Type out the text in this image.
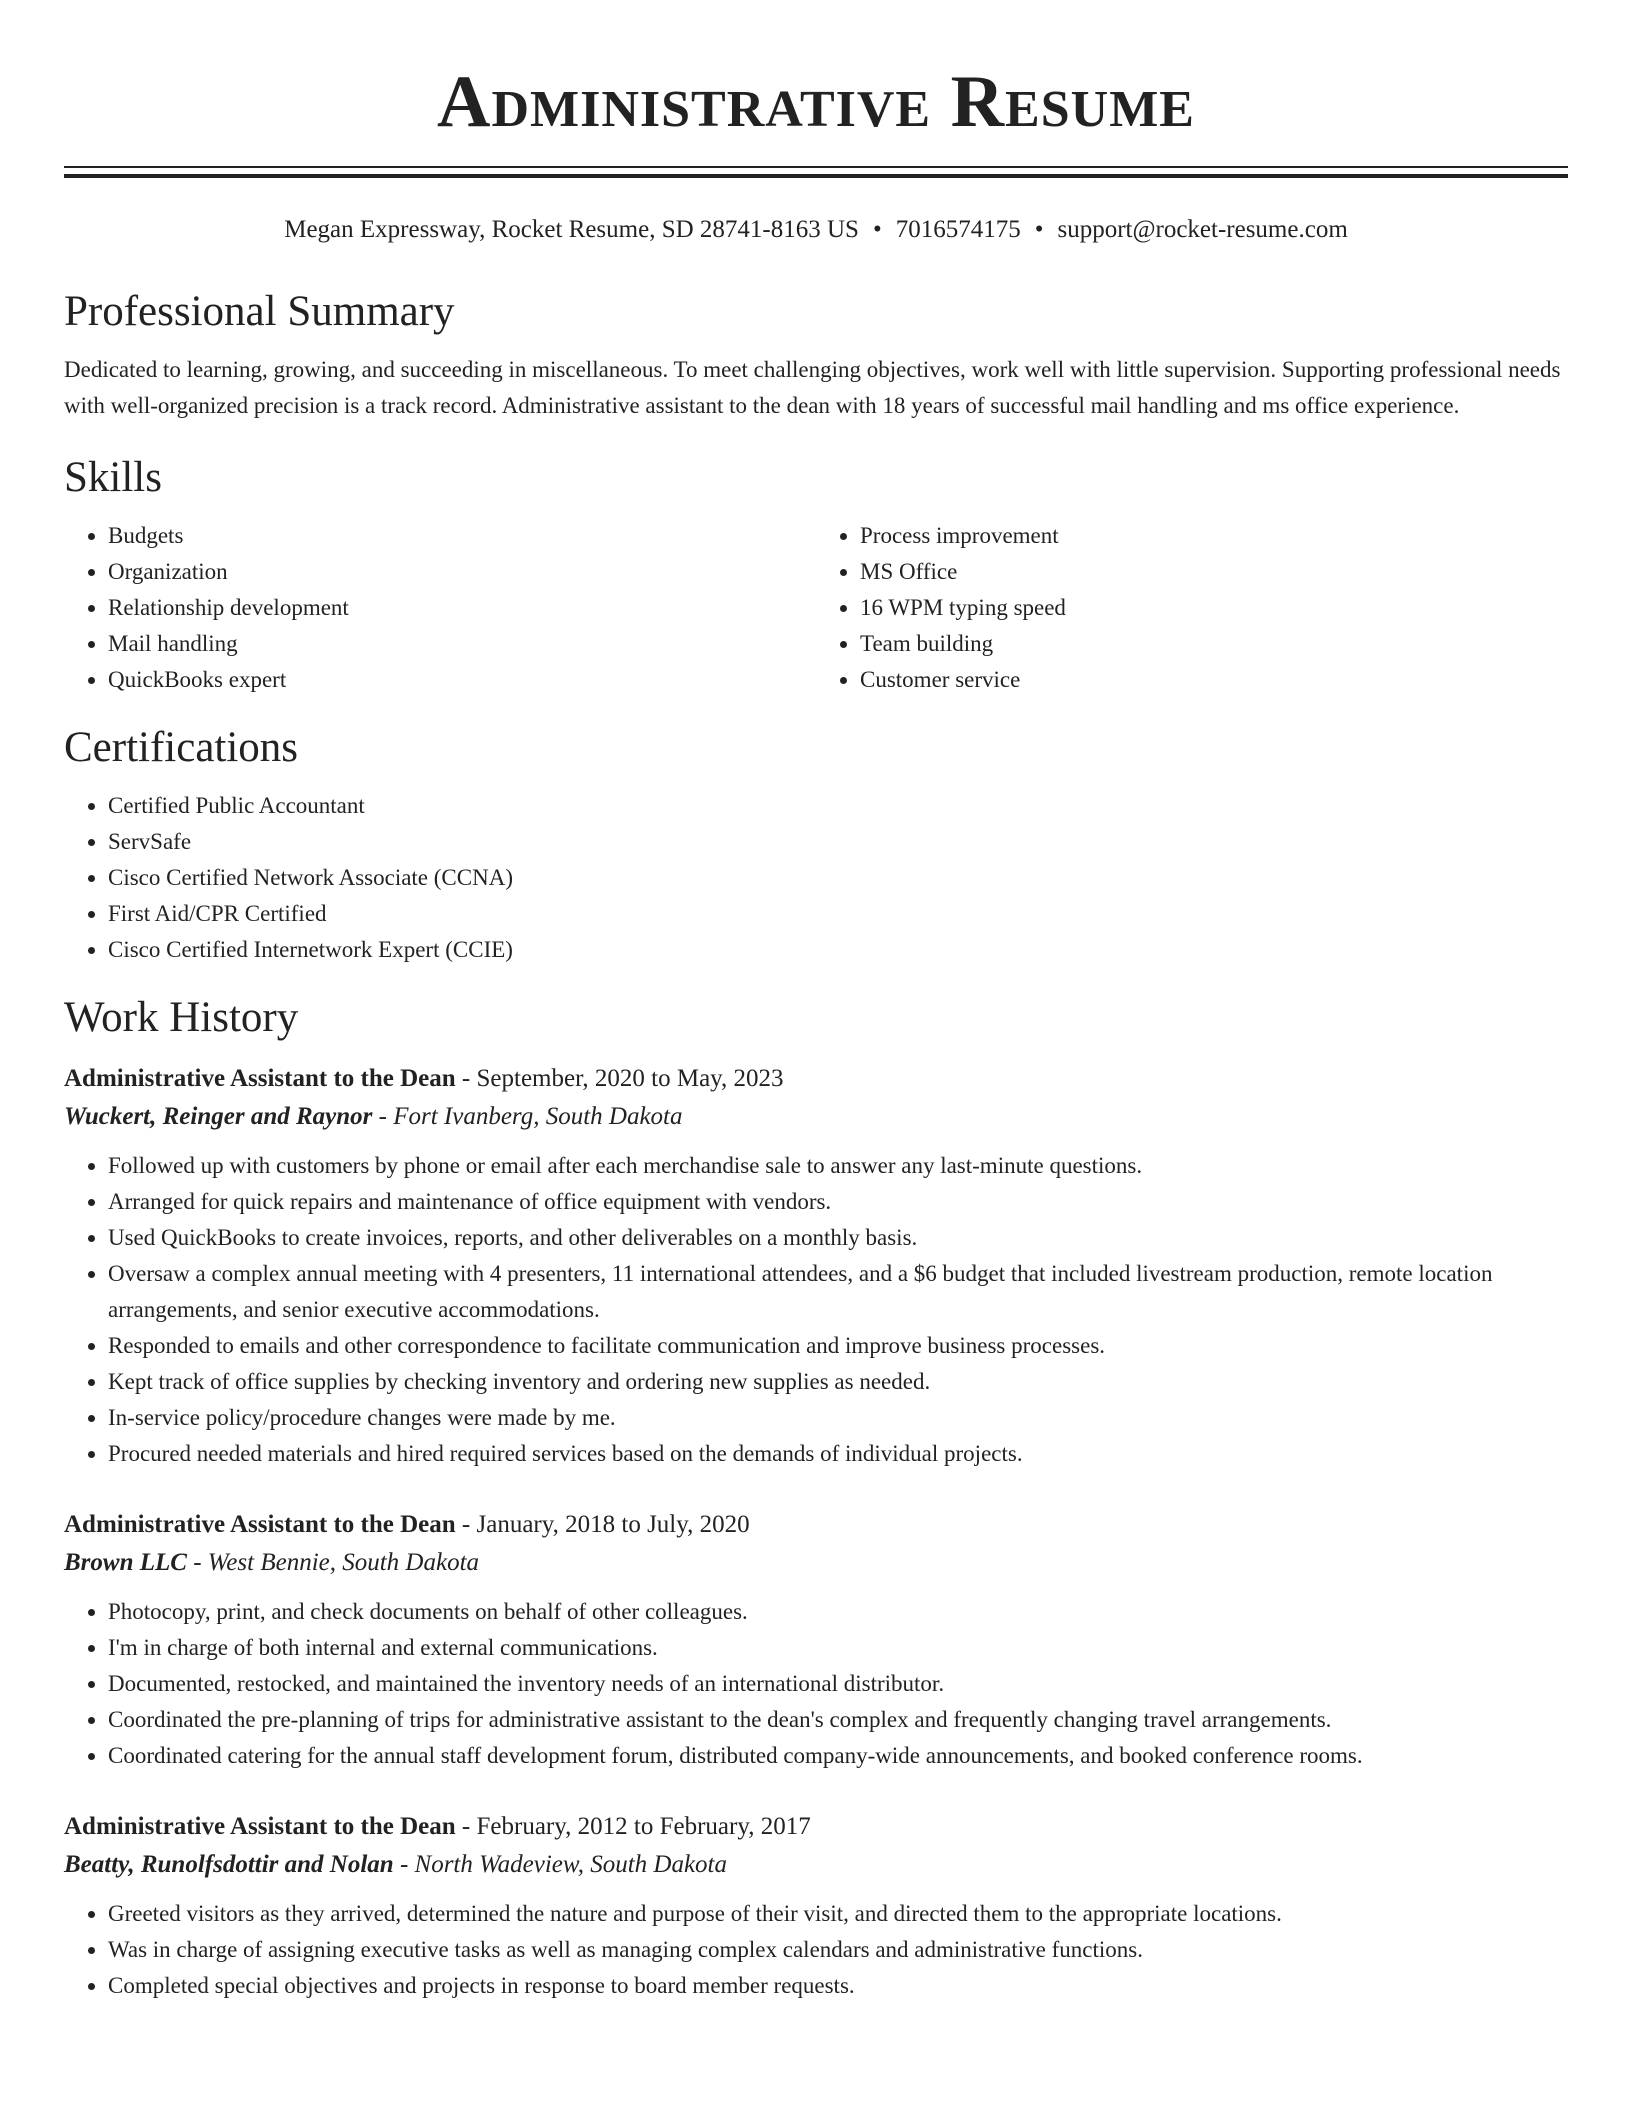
Administrative Resume
Megan Expressway, Rocket Resume, SD 28741-8163 US • 7016574175 • support@rocket-resume.com
Professional Summary

Dedicated to learning, growing, and succeeding in miscellaneous. To meet challenging objectives, work well with little supervision. Supporting professional needs with well-organized precision is a track record. Administrative assistant to the dean with 18 years of successful mail handling and ms office experience.

Skills
• Budgets
• Organization
• Relationship development
• Mail handling
• QuickBooks expert
• Process improvement
• MS Office
• 16 WPM typing speed
• Team building
• Customer service
Certifications
• Certified Public Accountant
• ServSafe
• Cisco Certified Network Associate (CCNA)
• First Aid/CPR Certified
• Cisco Certified Internetwork Expert (CCIE)
Work History
Administrative Assistant to the Dean - September, 2020 to May, 2023
Wuckert, Reinger and Raynor - Fort Ivanberg, South Dakota
• Followed up with customers by phone or email after each merchandise sale to answer any last-minute questions.
• Arranged for quick repairs and maintenance of office equipment with vendors.
• Used QuickBooks to create invoices, reports, and other deliverables on a monthly basis.
• Oversaw a complex annual meeting with 4 presenters, 11 international attendees, and a $6 budget that included livestream production, remote location arrangements, and senior executive accommodations.
• Responded to emails and other correspondence to facilitate communication and improve business processes.
• Kept track of office supplies by checking inventory and ordering new supplies as needed.
• In-service policy/procedure changes were made by me.
• Procured needed materials and hired required services based on the demands of individual projects.
Administrative Assistant to the Dean - January, 2018 to July, 2020
Brown LLC - West Bennie, South Dakota
• Photocopy, print, and check documents on behalf of other colleagues.
• I'm in charge of both internal and external communications.
• Documented, restocked, and maintained the inventory needs of an international distributor.
• Coordinated the pre-planning of trips for administrative assistant to the dean's complex and frequently changing travel arrangements.
• Coordinated catering for the annual staff development forum, distributed company-wide announcements, and booked conference rooms.
Administrative Assistant to the Dean - February, 2012 to February, 2017
Beatty, Runolfsdottir and Nolan - North Wadeview, South Dakota
• Greeted visitors as they arrived, determined the nature and purpose of their visit, and directed them to the appropriate locations.
• Was in charge of assigning executive tasks as well as managing complex calendars and administrative functions.
• Completed special objectives and projects in response to board member requests.
